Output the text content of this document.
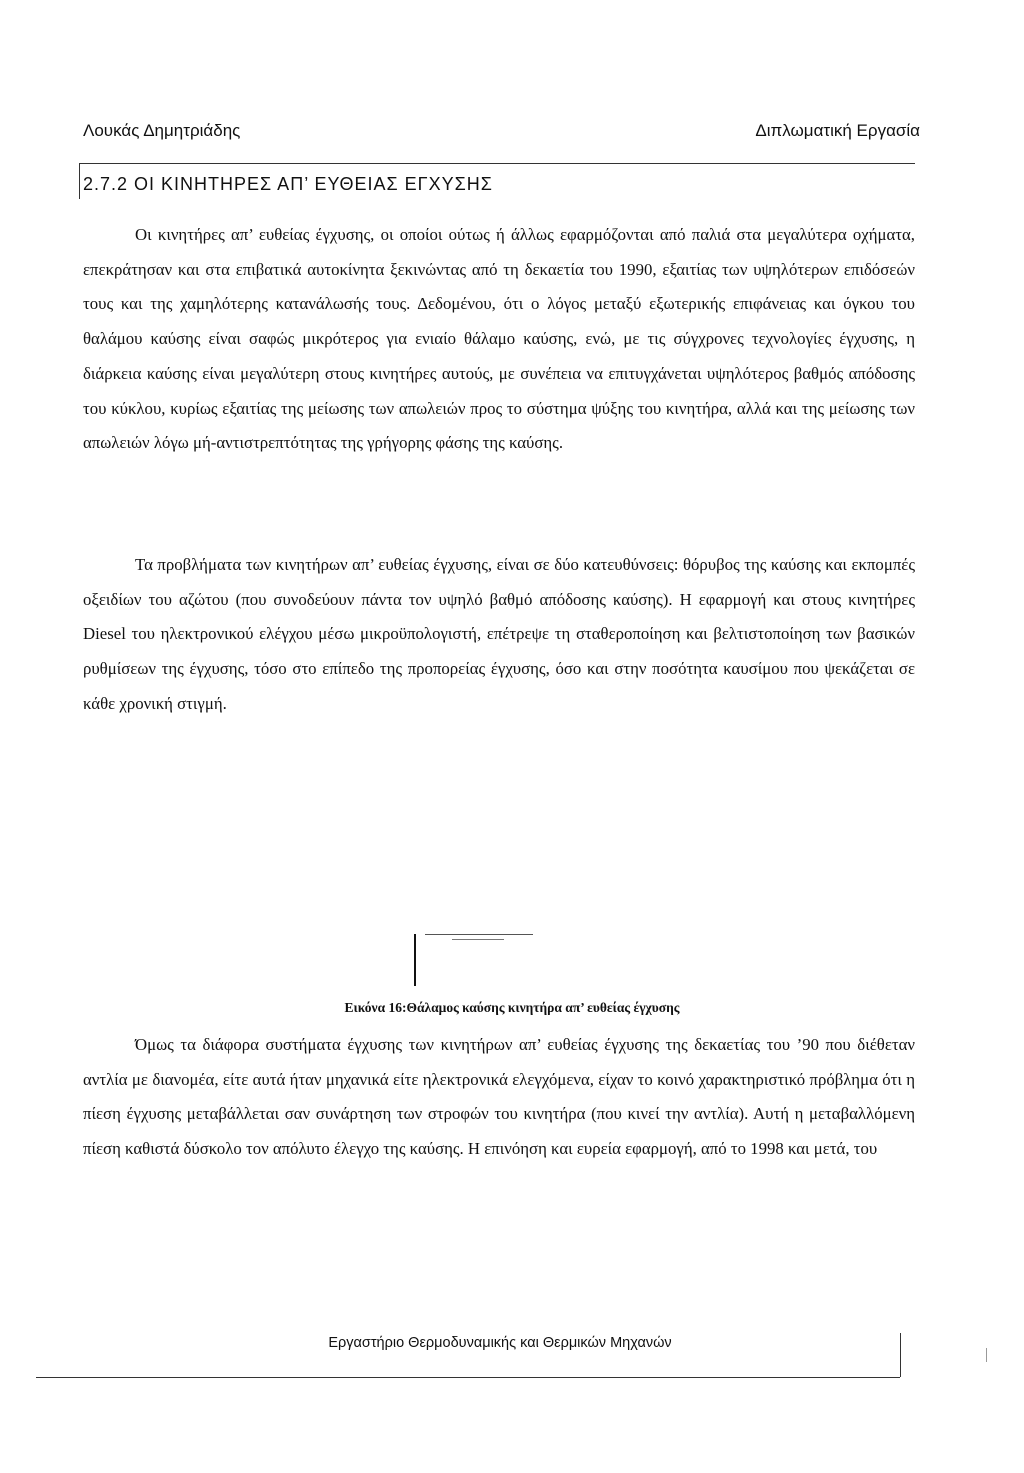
Λουκάς Δημητριάδης	Διπλωματική Εργασία
2.7.2 ΟΙ ΚΙΝΗΤΗΡΕΣ ΑΠ’ ΕΥΘΕΙΑΣ ΕΓΧΥΣΗΣ

Οι κινητήρες απ’ ευθείας έγχυσης, οι οποίοι ούτως ή άλλως εφαρμόζονται από παλιά στα μεγαλύτερα οχήματα, επεκράτησαν και στα επιβατικά αυτοκίνητα ξεκινώντας από τη δεκαετία του 1990, εξαιτίας των υψηλότερων επιδόσεών τους και της χαμηλότερης κατανάλωσής τους. Δεδομένου, ότι ο λόγος μεταξύ εξωτερικής επιφάνειας και όγκου του θαλάμου καύσης είναι σαφώς μικρότερος για ενιαίο θάλαμο καύσης, ενώ, με τις σύγχρονες τεχνολογίες έγχυσης, η διάρκεια καύσης είναι μεγαλύτερη στους κινητήρες αυτούς, με συνέπεια να επιτυγχάνεται υψηλότερος βαθμός απόδοσης του κύκλου, κυρίως εξαιτίας της μείωσης των απωλειών προς το σύστημα ψύξης του κινητήρα, αλλά και της μείωσης των απωλειών λόγω μή-αντιστρεπτότητας της γρήγορης φάσης της καύσης.

Τα προβλήματα των κινητήρων απ’ ευθείας έγχυσης, είναι σε δύο κατευθύνσεις: θόρυβος της καύσης και εκπομπές οξειδίων του αζώτου (που συνοδεύουν πάντα τον υψηλό βαθμό απόδοσης καύσης). Η εφαρμογή και στους κινητήρες Diesel του ηλεκτρονικού ελέγχου μέσω μικροϋπολογιστή, επέτρεψε τη σταθεροποίηση και βελτιστοποίηση των βασικών ρυθμίσεων της έγχυσης, τόσο στο επίπεδο της προπορείας έγχυσης, όσο και στην ποσότητα καυσίμου που ψεκάζεται σε κάθε χρονική στιγμή.

Εικόνα 16:Θάλαμος καύσης κινητήρα απ’ ευθείας έγχυσης

Όμως τα διάφορα συστήματα έγχυσης των κινητήρων απ’ ευθείας έγχυσης της δεκαετίας του ’90 που διέθεταν αντλία με διανομέα, είτε αυτά ήταν μηχανικά είτε ηλεκτρονικά ελεγχόμενα, είχαν το κοινό χαρακτηριστικό πρόβλημα ότι η πίεση έγχυσης μεταβάλλεται σαν συνάρτηση των στροφών του κινητήρα (που κινεί την αντλία). Αυτή η μεταβαλλόμενη πίεση καθιστά δύσκολο τον απόλυτο έλεγχο της καύσης. Η επινόηση και ευρεία εφαρμογή, από το 1998 και μετά, του

Εργαστήριο Θερμοδυναμικής και Θερμικών Μηχανών
